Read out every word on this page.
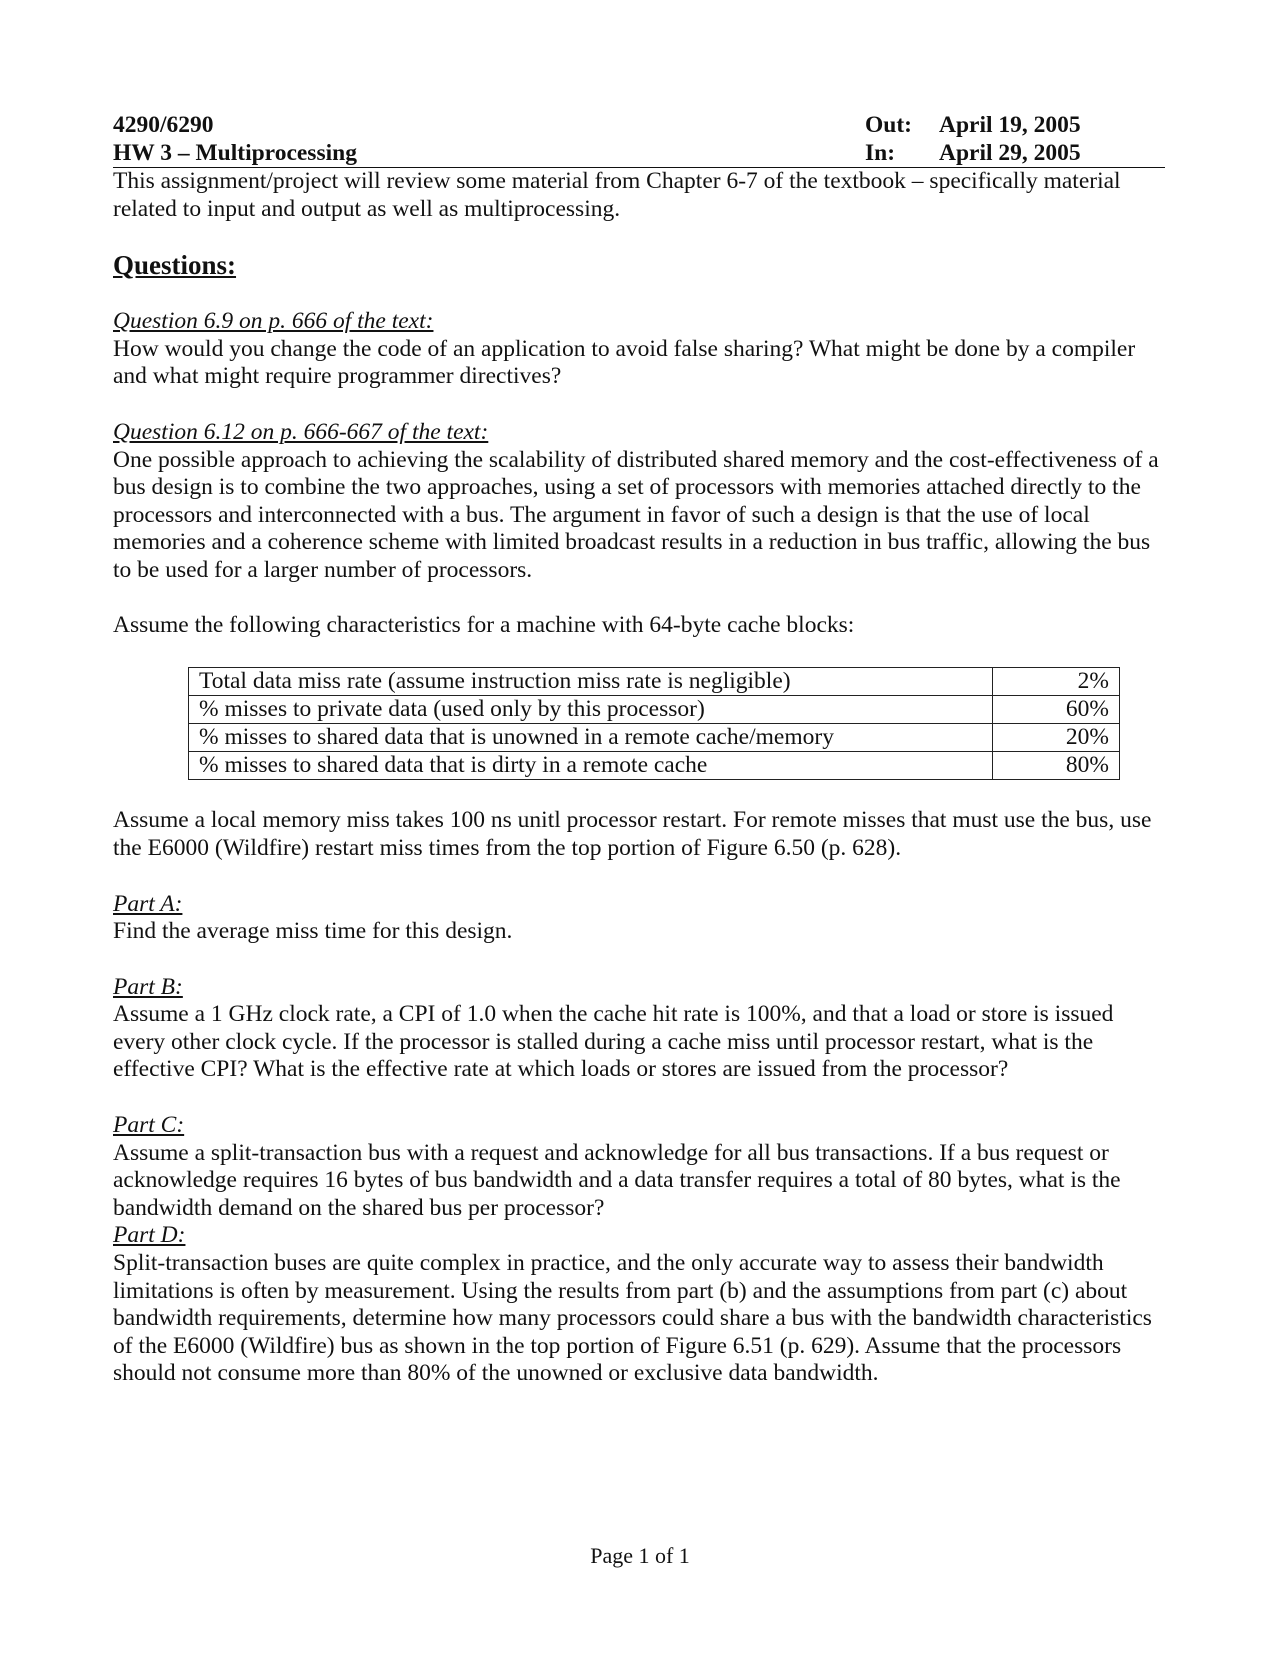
4290/6290	Out: April 19, 2005
HW 3 – Multiprocessing	In: April 29, 2005

This assignment/project will review some material from Chapter 6-7 of the textbook – specifically material related to input and output as well as multiprocessing.

Questions:

Question 6.9 on p. 666 of the text:

How would you change the code of an application to avoid false sharing? What might be done by a compiler and what might require programmer directives?

Question 6.12 on p. 666-667 of the text:

One possible approach to achieving the scalability of distributed shared memory and the cost-effectiveness of a bus design is to combine the two approaches, using a set of processors with memories attached directly to the processors and interconnected with a bus. The argument in favor of such a design is that the use of local memories and a coherence scheme with limited broadcast results in a reduction in bus traffic, allowing the bus to be used for a larger number of processors.

Assume the following characteristics for a machine with 64-byte cache blocks:

Total data miss rate (assume instruction miss rate is negligible)	2%
% misses to private data (used only by this processor)	60%
% misses to shared data that is unowned in a remote cache/memory	20%
% misses to shared data that is dirty in a remote cache	80%

Assume a local memory miss takes 100 ns unitl processor restart. For remote misses that must use the bus, use the E6000 (Wildfire) restart miss times from the top portion of Figure 6.50 (p. 628).

Part A:

Find the average miss time for this design.

Part B:

Assume a 1 GHz clock rate, a CPI of 1.0 when the cache hit rate is 100%, and that a load or store is issued every other clock cycle. If the processor is stalled during a cache miss until processor restart, what is the effective CPI? What is the effective rate at which loads or stores are issued from the processor?

Part C:

Assume a split-transaction bus with a request and acknowledge for all bus transactions. If a bus request or acknowledge requires 16 bytes of bus bandwidth and a data transfer requires a total of 80 bytes, what is the bandwidth demand on the shared bus per processor?

Part D:

Split-transaction buses are quite complex in practice, and the only accurate way to assess their bandwidth limitations is often by measurement. Using the results from part (b) and the assumptions from part (c) about bandwidth requirements, determine how many processors could share a bus with the bandwidth characteristics of the E6000 (Wildfire) bus as shown in the top portion of Figure 6.51 (p. 629). Assume that the processors should not consume more than 80% of the unowned or exclusive data bandwidth.

Page 1 of 1
